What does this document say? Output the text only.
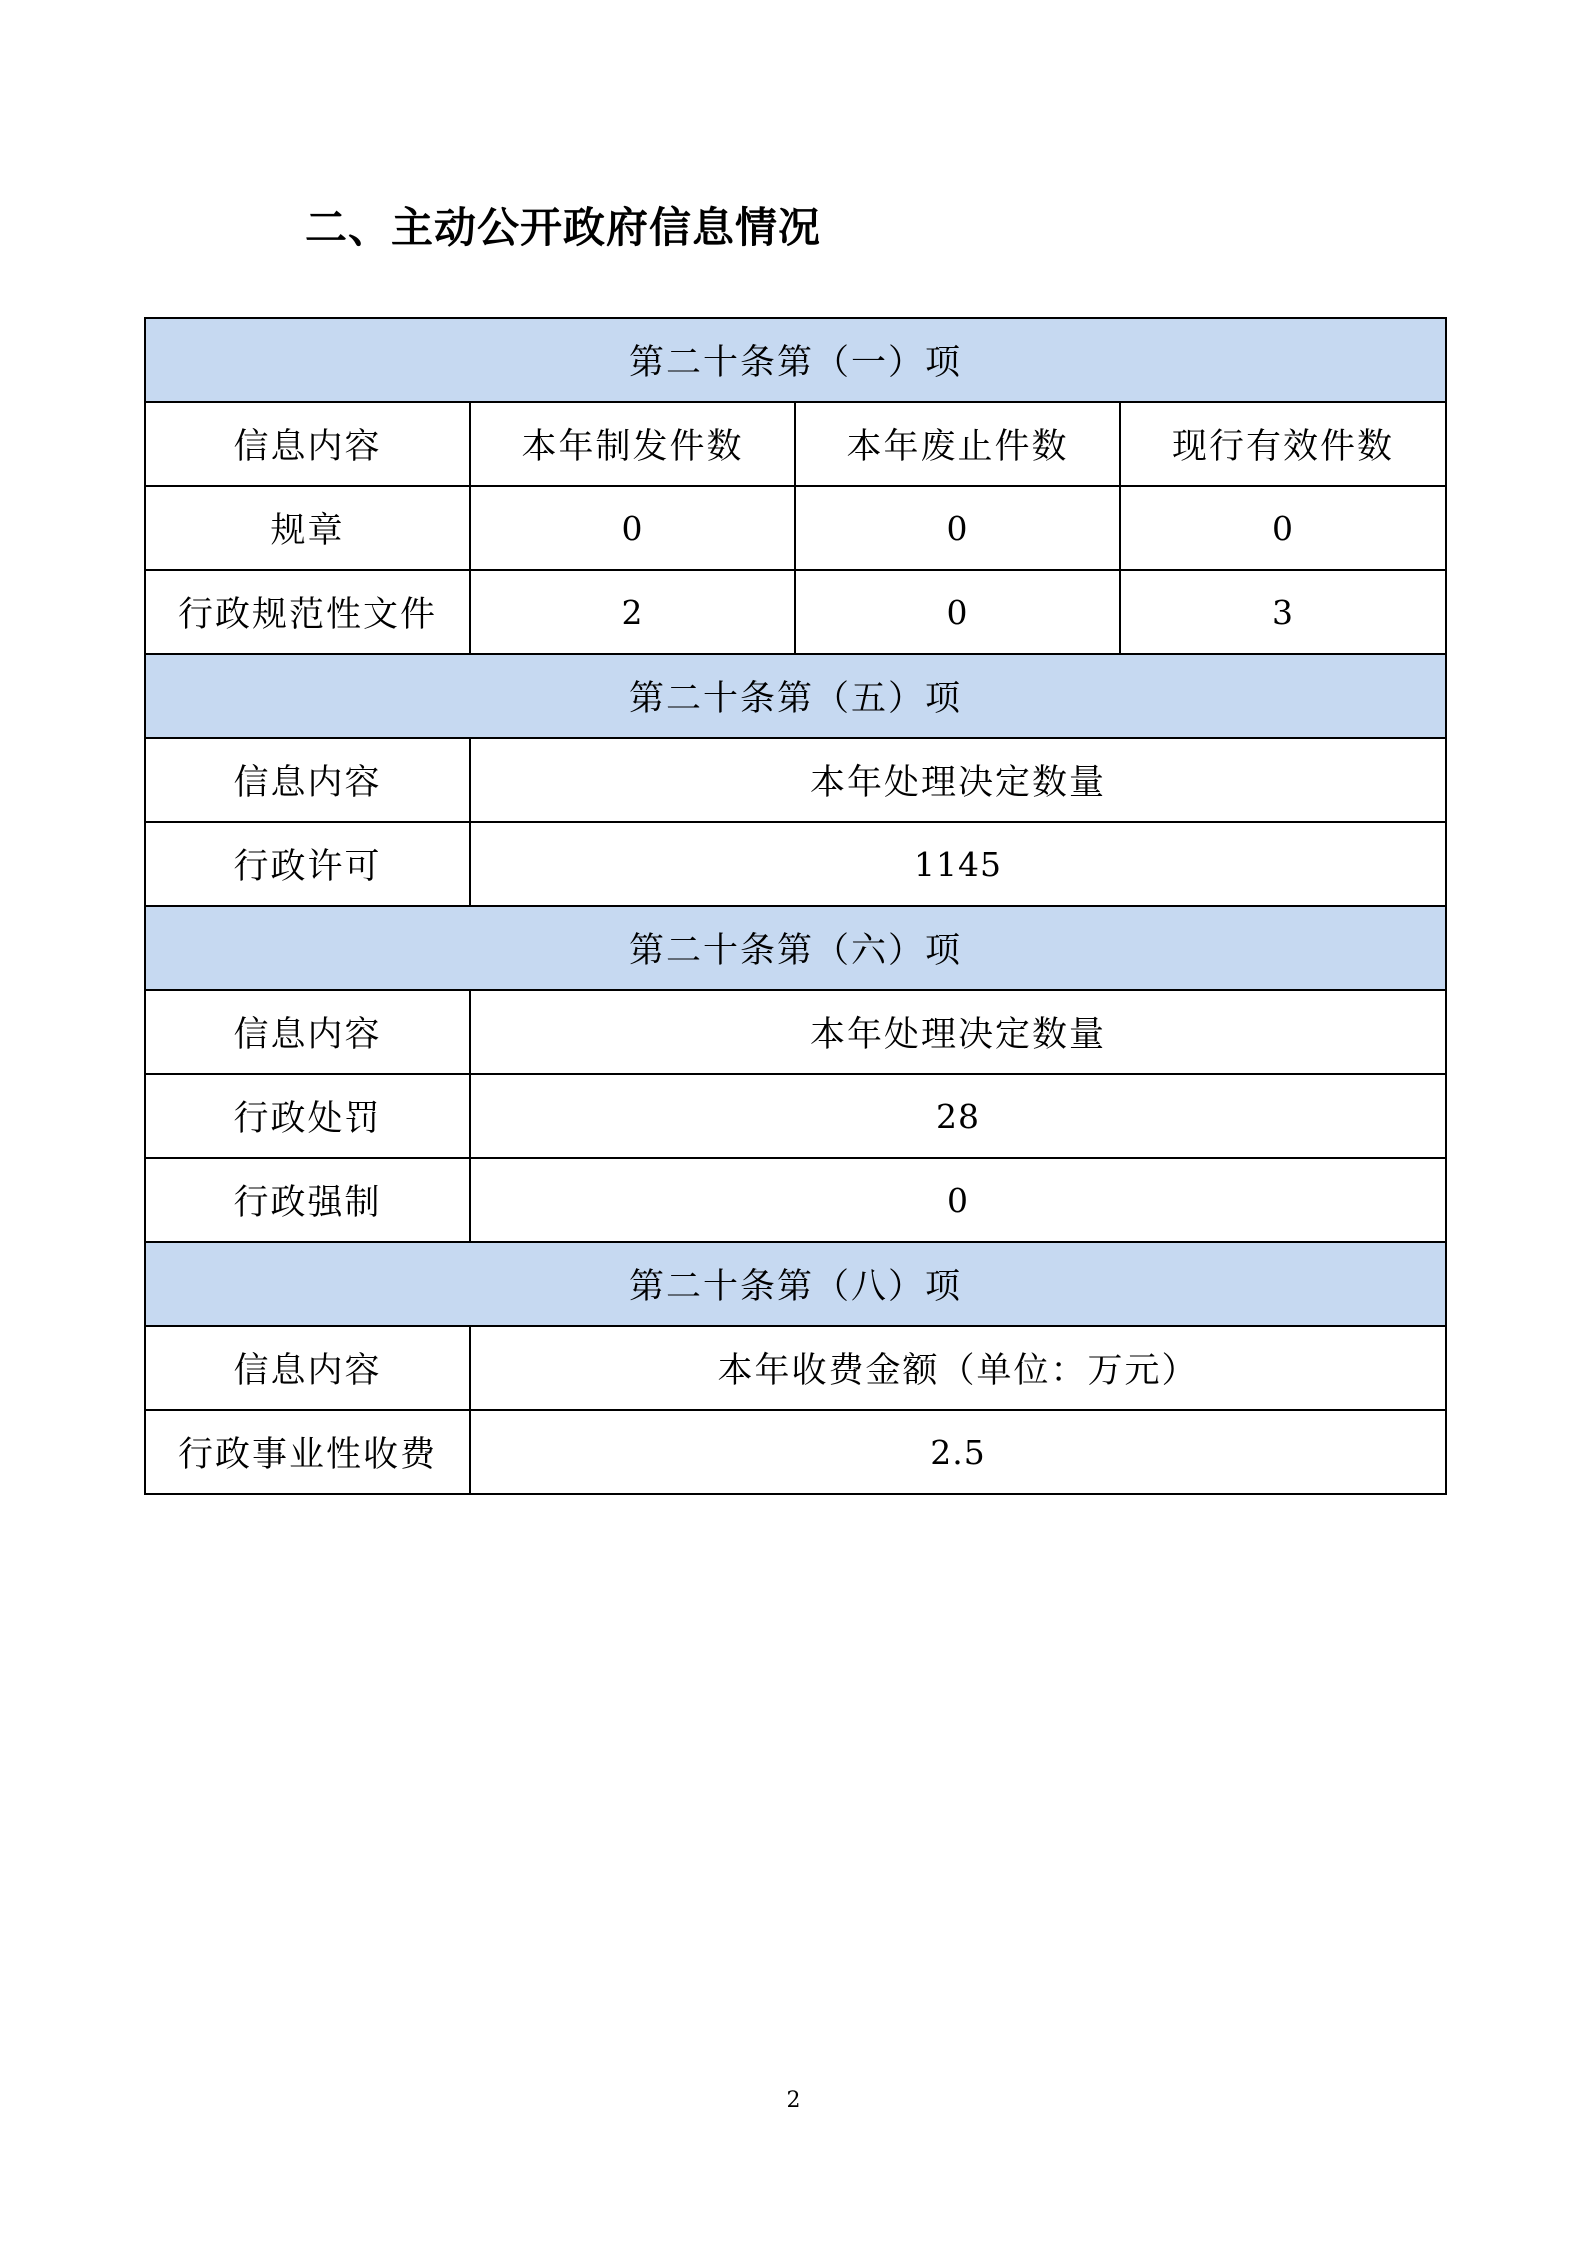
二、主动公开政府信息情况
第二十条第（一）项			
信息内容	本年制发件数	本年废止件数	现行有效件数
规章	0	0	0
行政规范性文件	2	0	3
第二十条第（五）项			
信息内容	本年处理决定数量		
行政许可	1145		
第二十条第（六）项			
信息内容	本年处理决定数量		
行政处罚	28		
行政强制	0		
第二十条第（八）项			
信息内容	本年收费金额（单位：万元）		
行政事业性收费	2.5		
2
